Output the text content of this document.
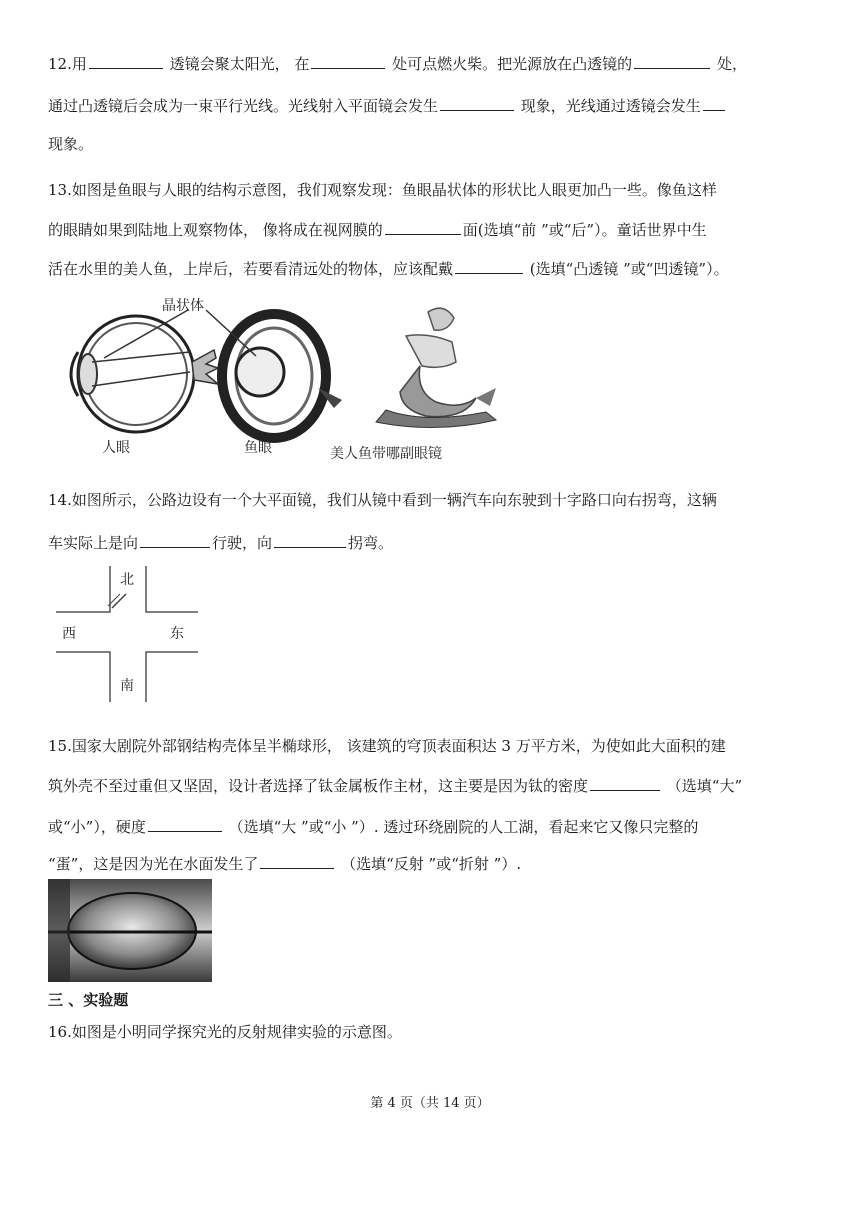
12.用	透镜会聚太阳光， 在	处可点燃火柴。把光源放在凸透镜的	处，
通过凸透镜后会成为一束平行光线。光线射入平面镜会发生	现象，光线通过透镜会发生
现象。
13.如图是鱼眼与人眼的结构示意图，我们观察发现：鱼眼晶状体的形状比人眼更加凸一些。像鱼这样
的眼睛如果到陆地上观察物体， 像将成在视网膜的	面(选填“前 ”或“后”）。童话世界中生
活在水里的美人鱼，上岸后，若要看清远处的物体，应该配戴	(选填“凸透镜 ”或“凹透镜”）。
晶状体
人眼	鱼眼	美人鱼带哪副眼镜
14.如图所示，公路边设有一个大平面镜，我们从镜中看到一辆汽车向东驶到十字路口向右拐弯，这辆
车实际上是向	行驶，向	拐弯。
北
南
西	东
15.国家大剧院外部钢结构壳体呈半椭球形， 该建筑的穹顶表面积达 3 万平方米，为使如此大面积的建
筑外壳不至过重但又坚固，设计者选择了钛金属板作主材，这主要是因为钛的密度	（选填“大”
或“小”），硬度	（选填“大 ”或“小 ”）. 透过环绕剧院的人工湖，看起来它又像只完整的
“蛋”，这是因为光在水面发生了	（选填“反射 ”或“折射 ”）.
三 、实验题
16.如图是小明同学探究光的反射规律实验的示意图。
第 4 页（共 14 页）
